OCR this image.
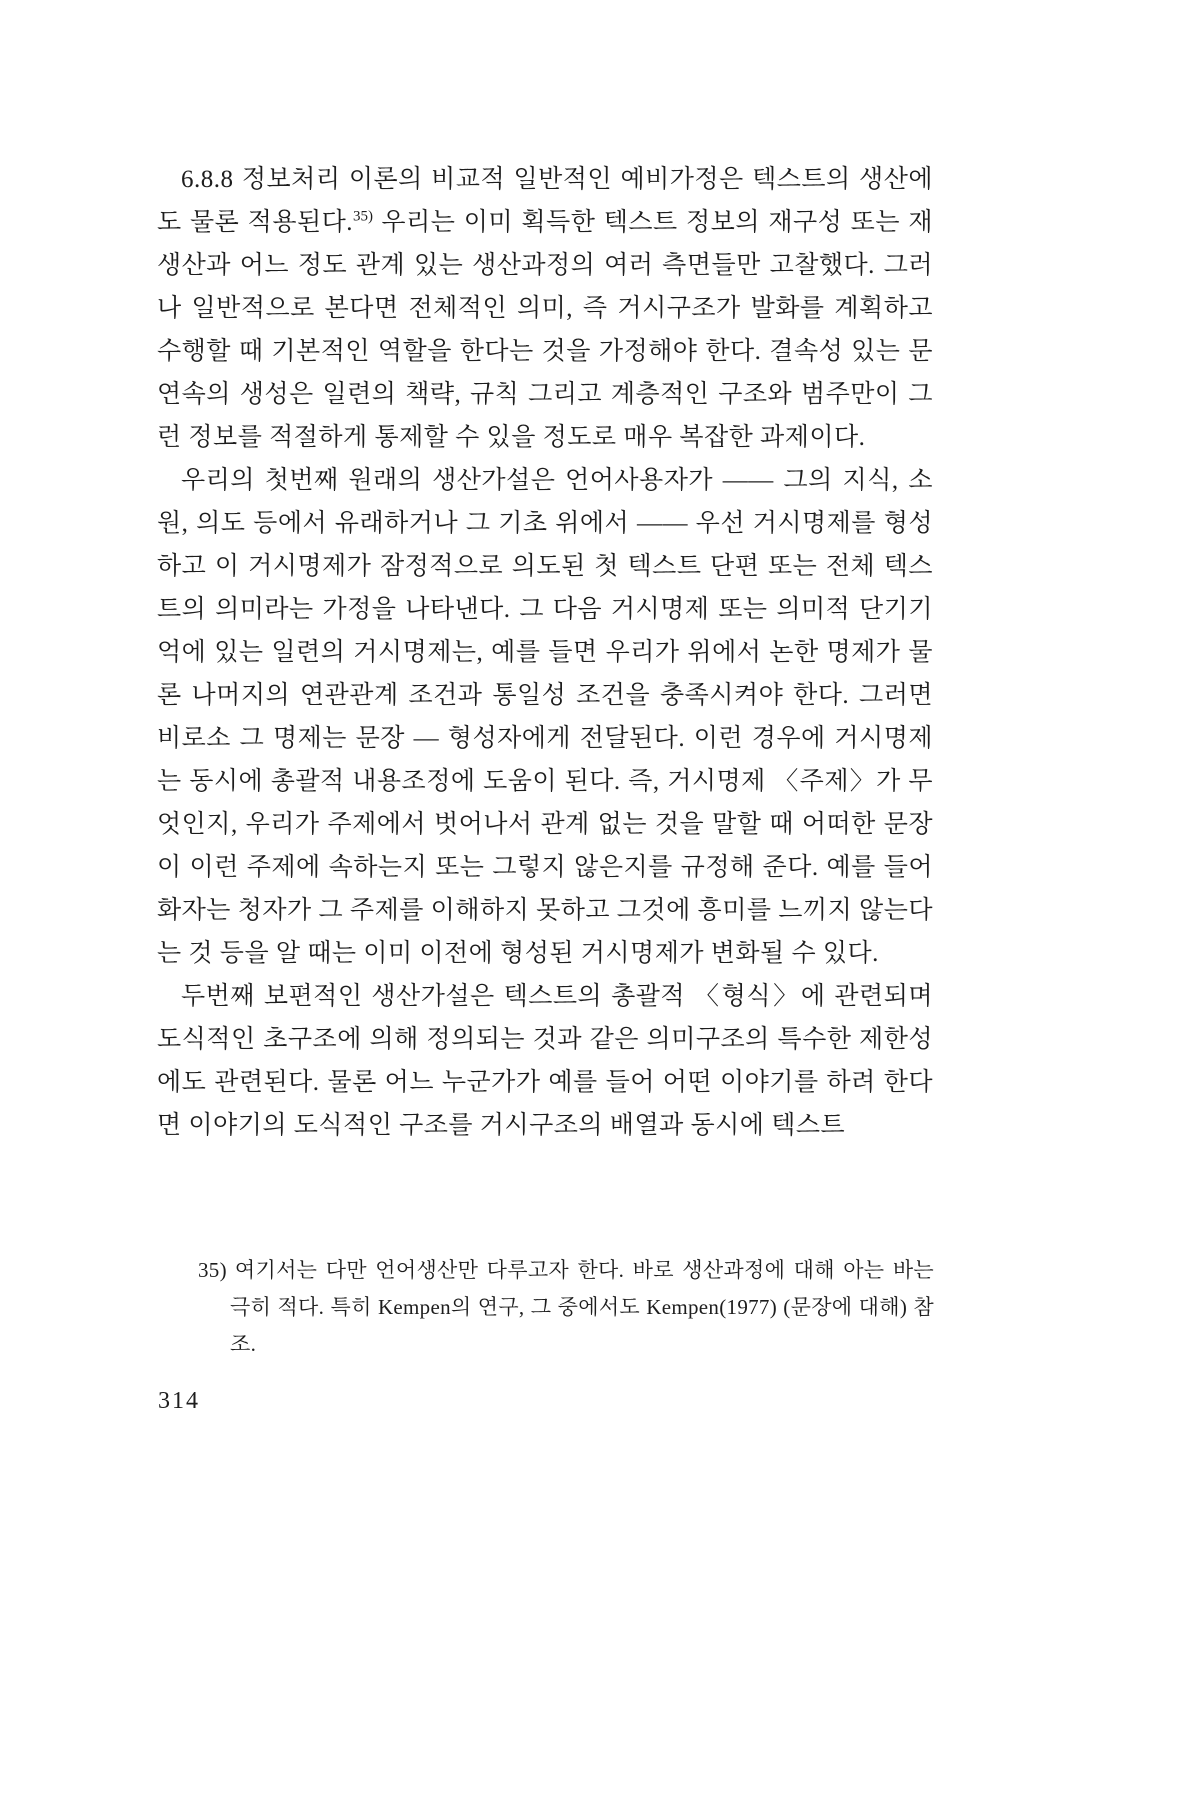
6.8.8 정보처리 이론의 비교적 일반적인 예비가정은 텍스트의 생산에도 물론 적용된다.$^{35)}$ 우리는 이미 획득한 텍스트 정보의 재구성 또는 재생산과 어느 정도 관계 있는 생산과정의 여러 측면들만 고찰했다. 그러나 일반적으로 본다면 전체적인 의미, 즉 거시구조가 발화를 계획하고 수행할 때 기본적인 역할을 한다는 것을 가정해야 한다. 결속성 있는 문연속의 생성은 일련의 책략, 규칙 그리고 계층적인 구조와 범주만이 그런 정보를 적절하게 통제할 수 있을 정도로 매우 복잡한 과제이다.

우리의 첫번째 원래의 생산가설은 언어사용자가 —— 그의 지식, 소원, 의도 등에서 유래하거나 그 기초 위에서 —— 우선 거시명제를 형성하고 이 거시명제가 잠정적으로 의도된 첫 텍스트 단편 또는 전체 텍스트의 의미라는 가정을 나타낸다. 그 다음 거시명제 또는 의미적 단기기억에 있는 일련의 거시명제는, 예를 들면 우리가 위에서 논한 명제가 물론 나머지의 연관관계 조건과 통일성 조건을 충족시켜야 한다. 그러면 비로소 그 명제는 문장 — 형성자에게 전달된다. 이런 경우에 거시명제는 동시에 총괄적 내용조정에 도움이 된다. 즉, 거시명제 〈주제〉가 무엇인지, 우리가 주제에서 벗어나서 관계 없는 것을 말할 때 어떠한 문장이 이런 주제에 속하는지 또는 그렇지 않은지를 규정해 준다. 예를 들어 화자는 청자가 그 주제를 이해하지 못하고 그것에 흥미를 느끼지 않는다는 것 등을 알 때는 이미 이전에 형성된 거시명제가 변화될 수 있다.

두번째 보편적인 생산가설은 텍스트의 총괄적 〈형식〉에 관련되며 도식적인 초구조에 의해 정의되는 것과 같은 의미구조의 특수한 제한성에도 관련된다. 물론 어느 누군가가 예를 들어 어떤 이야기를 하려 한다면 이야기의 도식적인 구조를 거시구조의 배열과 동시에 텍스트

35) 여기서는 다만 언어생산만 다루고자 한다. 바로 생산과정에 대해 아는 바는 극히 적다. 특히 Kempen의 연구, 그 중에서도 Kempen(1977) (문장에 대해) 참조.

314
